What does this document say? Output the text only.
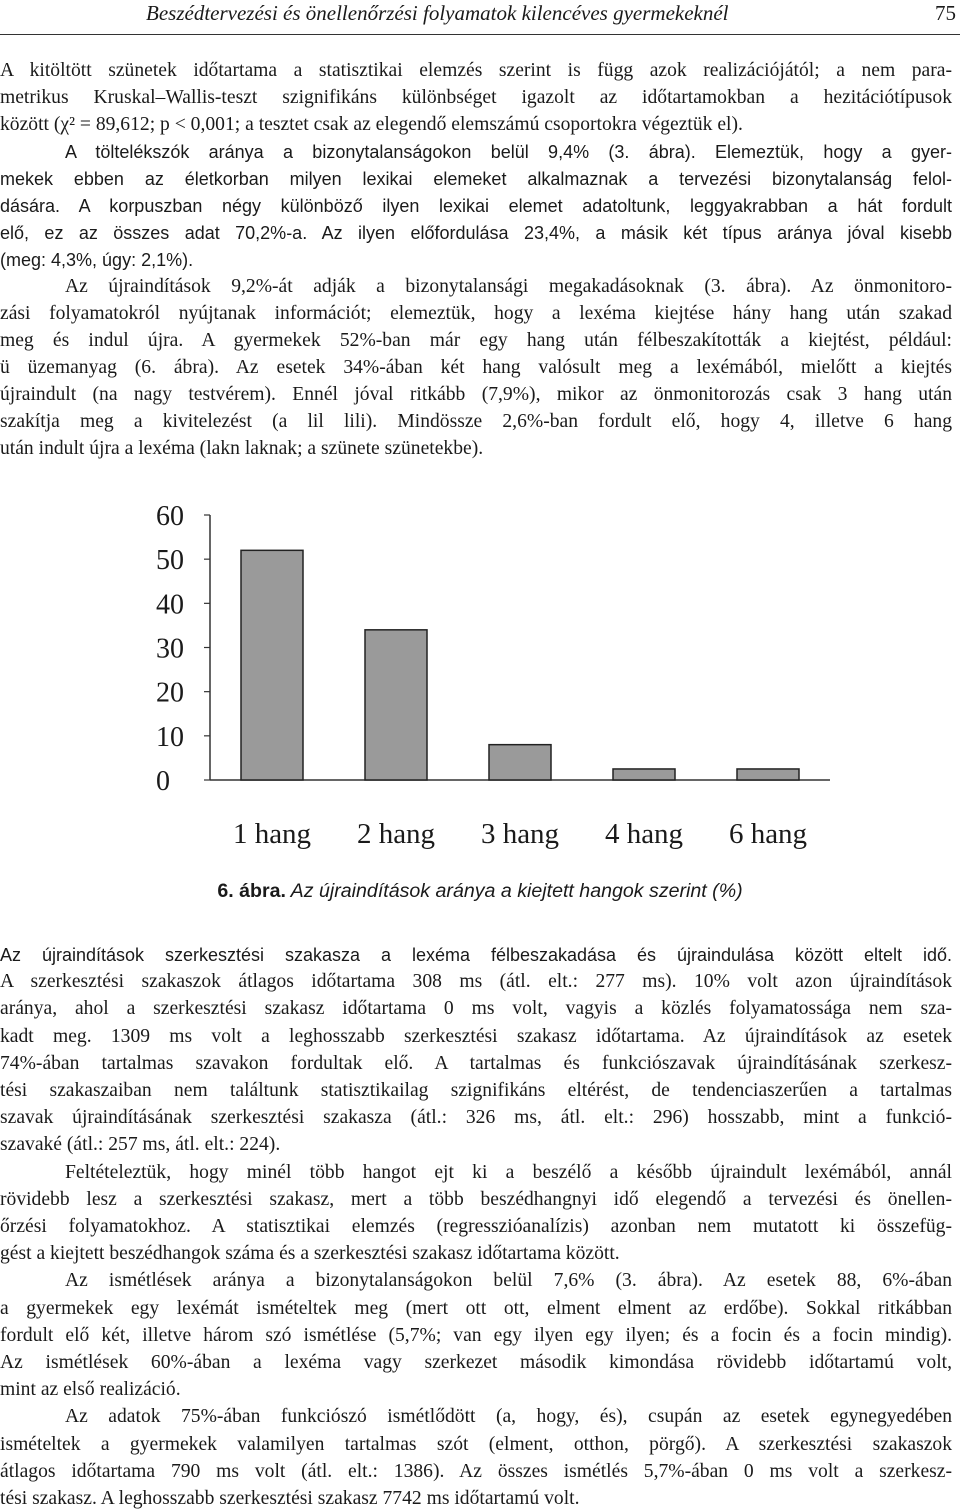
Beszédtervezési és önellenőrzési folyamatok kilencéves gyermekeknél	75
A kitöltött szünetek időtartama a statisztikai elemzés szerint is függ azok realizációjától; a nem para-
metrikus Kruskal–Wallis-teszt szignifikáns különbséget igazolt az időtartamokban a hezitációtípusok
között (χ² = 89,612; p < 0,001; a tesztet csak az elegendő elemszámú csoportokra végeztük el).
A töltelékszók aránya a bizonytalanságokon belül 9,4% (3. ábra). Elemeztük, hogy a gyer-
mekek ebben az életkorban milyen lexikai elemeket alkalmaznak a tervezési bizonytalanság felol-
dására. A korpuszban négy különböző ilyen lexikai elemet adatoltunk, leggyakrabban a hát fordult
elő, ez az összes adat 70,2%-a. Az ilyen előfordulása 23,4%, a másik két típus aránya jóval kisebb
(meg: 4,3%, úgy: 2,1%).
Az újraindítások 9,2%-át adják a bizonytalansági megakadásoknak (3. ábra). Az önmonitoro-
zási folyamatokról nyújtanak információt; elemeztük, hogy a lexéma kiejtése hány hang után szakad
meg és indul újra. A gyermekek 52%-ban már egy hang után félbeszakították a kiejtést, például:
ü üzemanyag (6. ábra). Az esetek 34%-ában két hang valósult meg a lexémából, mielőtt a kiejtés
újraindult (na nagy testvérem). Ennél jóval ritkább (7,9%), mikor az önmonitorozás csak 3 hang után
szakítja meg a kivitelezést (a lil lili). Mindössze 2,6%-ban fordult elő, hogy 4, illetve 6 hang
után indult újra a lexéma (lakn laknak; a szünete szünetekbe).
60
50
40
30
20
10
0
1 hang 2 hang 3 hang 4 hang 6 hang
6. ábra. Az újraindítások aránya a kiejtett hangok szerint (%)
Az újraindítások szerkesztési szakasza a lexéma félbeszakadása és újraindulása között eltelt idő.
A szerkesztési szakaszok átlagos időtartama 308 ms (átl. elt.: 277 ms). 10% volt azon újraindítások
aránya, ahol a szerkesztési szakasz időtartama 0 ms volt, vagyis a közlés folyamatossága nem sza-
kadt meg. 1309 ms volt a leghosszabb szerkesztési szakasz időtartama. Az újraindítások az esetek
74%-ában tartalmas szavakon fordultak elő. A tartalmas és funkciószavak újraindításának szerkesz-
tési szakaszaiban nem találtunk statisztikailag szignifikáns eltérést, de tendenciaszerűen a tartalmas
szavak újraindításának szerkesztési szakasza (átl.: 326 ms, átl. elt.: 296) hosszabb, mint a funkció-
szavaké (átl.: 257 ms, átl. elt.: 224).
Feltételeztük, hogy minél több hangot ejt ki a beszélő a később újraindult lexémából, annál
rövidebb lesz a szerkesztési szakasz, mert a több beszédhangnyi idő elegendő a tervezési és önellen-
őrzési folyamatokhoz. A statisztikai elemzés (regresszióanalízis) azonban nem mutatott ki összefüg-
gést a kiejtett beszédhangok száma és a szerkesztési szakasz időtartama között.
Az ismétlések aránya a bizonytalanságokon belül 7,6% (3. ábra). Az esetek 88, 6%-ában
a gyermekek egy lexémát ismételtek meg (mert ott ott, elment elment az erdőbe). Sokkal ritkábban
fordult elő két, illetve három szó ismétlése (5,7%; van egy ilyen egy ilyen; és a focin és a focin mindig).
Az ismétlések 60%-ában a lexéma vagy szerkezet második kimondása rövidebb időtartamú volt,
mint az első realizáció.
Az adatok 75%-ában funkciószó ismétlődött (a, hogy, és), csupán az esetek egynegyedében
ismételtek a gyermekek valamilyen tartalmas szót (elment, otthon, pörgő). A szerkesztési szakaszok
átlagos időtartama 790 ms volt (átl. elt.: 1386). Az összes ismétlés 5,7%-ában 0 ms volt a szerkesz-
tési szakasz. A leghosszabb szerkesztési szakasz 7742 ms időtartamú volt.
